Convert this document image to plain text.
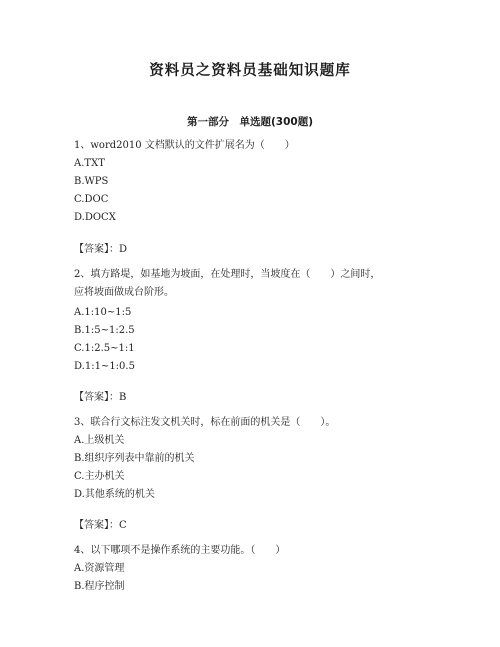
资料员之资料员基础知识题库
第一部分　单选题(300题)
1、word2010 文档默认的文件扩展名为（　　）
A.TXT
B.WPS
C.DOC
D.DOCX
【答案】：D
2、填方路堤，如基地为坡面，在处理时，当坡度在（　　）之间时，
应将坡面做成台阶形。
A.1:10~1:5
B.1:5~1:2.5
C.1:2.5~1:1
D.1:1~1:0.5
【答案】：B
3、联合行文标注发文机关时，标在前面的机关是（　　）。
A.上级机关
B.组织序列表中靠前的机关
C.主办机关
D.其他系统的机关
【答案】：C
4、以下哪项不是操作系统的主要功能。（　　）
A.资源管理
B.程序控制
